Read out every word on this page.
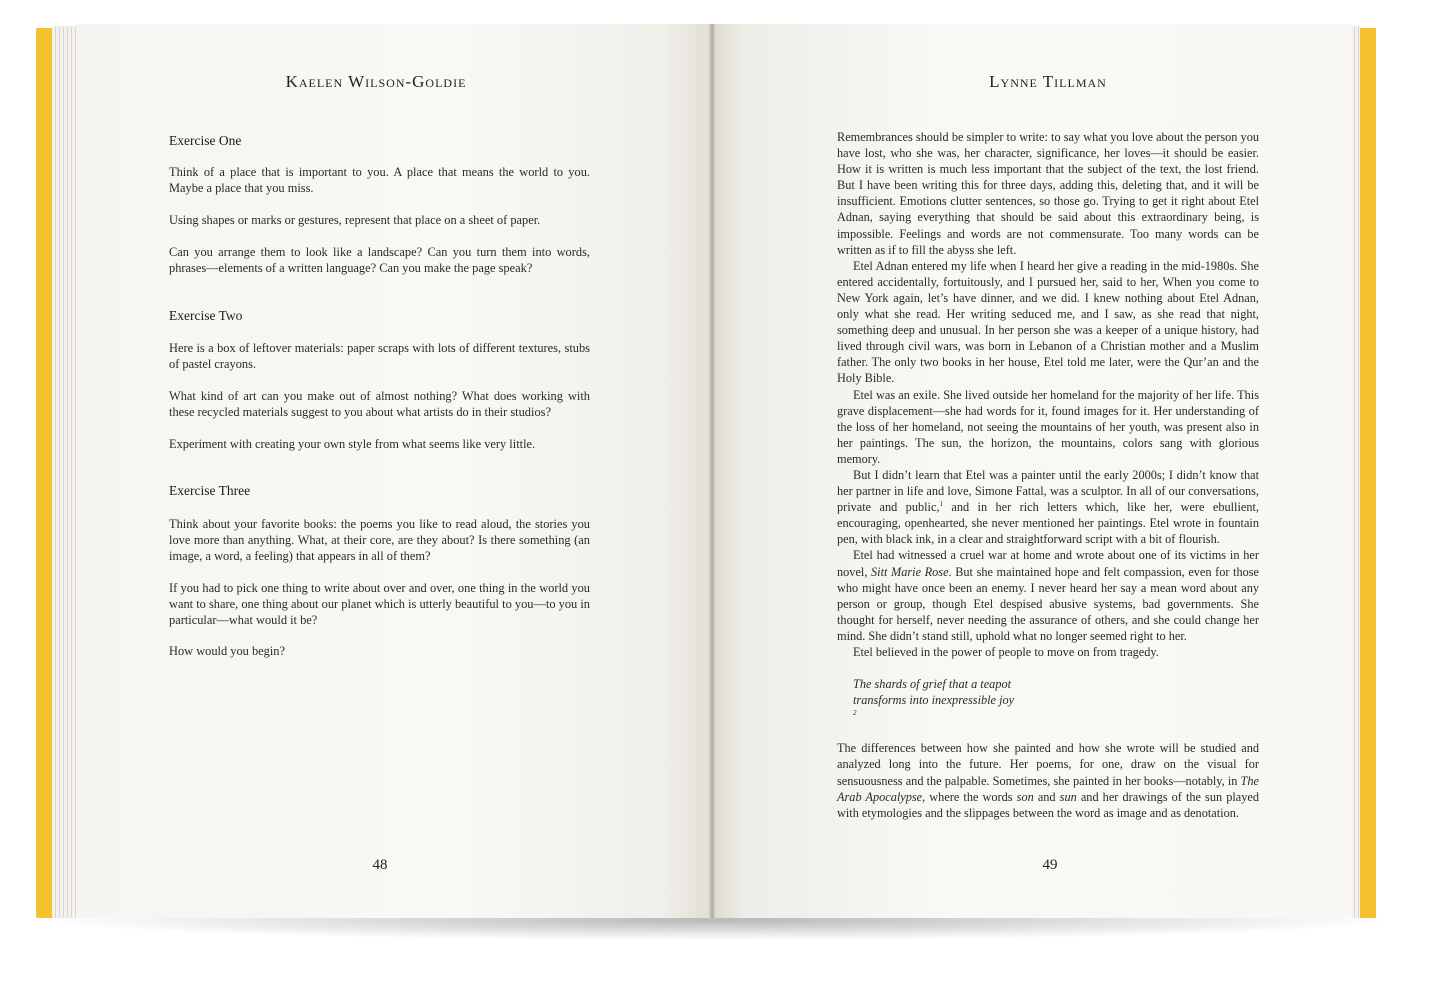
Kaelen Wilson-Goldie
Exercise One

Think of a place that is important to you. A place that means the world to you. Maybe a place that you miss.

Using shapes or marks or gestures, represent that place on a sheet of paper.

Can you arrange them to look like a landscape? Can you turn them into words, phrases—elements of a written language? Can you make the page speak?

Exercise Two

Here is a box of leftover materials: paper scraps with lots of different textures, stubs of pastel crayons.

What kind of art can you make out of almost nothing? What does working with these recycled materials suggest to you about what artists do in their studios?

Experiment with creating your own style from what seems like very little.

Exercise Three

Think about your favorite books: the poems you like to read aloud, the stories you love more than anything. What, at their core, are they about? Is there something (an image, a word, a feeling) that appears in all of them?

If you had to pick one thing to write about over and over, one thing in the world you want to share, one thing about our planet which is utterly beautiful to you—to you in particular—what would it be?

How would you begin?

48
Lynne Tillman

Remembrances should be simpler to write: to say what you love about the person you have lost, who she was, her character, significance, her loves—it should be easier. How it is written is much less important that the subject of the text, the lost friend. But I have been writing this for three days, adding this, deleting that, and it will be insufficient. Emotions clutter sentences, so those go. Trying to get it right about Etel Adnan, saying everything that should be said about this extraordinary being, is impossible. Feelings and words are not commensurate. Too many words can be written as if to fill the abyss she left.

Etel Adnan entered my life when I heard her give a reading in the mid-1980s. She entered accidentally, fortuitously, and I pursued her, said to her, When you come to New York again, let’s have dinner, and we did. I knew nothing about Etel Adnan, only what she read. Her writing seduced me, and I saw, as she read that night, something deep and unusual. In her person she was a keeper of a unique history, had lived through civil wars, was born in Lebanon of a Christian mother and a Muslim father. The only two books in her house, Etel told me later, were the Qur’an and the Holy Bible.

Etel was an exile. She lived outside her homeland for the majority of her life. This grave displacement—she had words for it, found images for it. Her understanding of the loss of her homeland, not seeing the mountains of her youth, was present also in her paintings. The sun, the horizon, the mountains, colors sang with glorious memory.

But I didn’t learn that Etel was a painter until the early 2000s; I didn’t know that her partner in life and love, Simone Fattal, was a sculptor. In all of our conversations, private and public,$^1$ and in her rich letters which, like her, were ebullient, encouraging, openhearted, she never mentioned her paintings. Etel wrote in fountain pen, with black ink, in a clear and straightforward script with a bit of flourish.

Etel had witnessed a cruel war at home and wrote about one of its victims in her novel, Sitt Marie Rose. But she maintained hope and felt compassion, even for those who might have once been an enemy. I never heard her say a mean word about any person or group, though Etel despised abusive systems, bad governments. She thought for herself, never needing the assurance of others, and she could change her mind. She didn’t stand still, uphold what no longer seemed right to her.

Etel believed in the power of people to move on from tragedy.

The shards of grief that a teapot
transforms into inexpressible joy
$^2$

The differences between how she painted and how she wrote will be studied and analyzed long into the future. Her poems, for one, draw on the visual for sensuousness and the palpable. Sometimes, she painted in her books—notably, in The Arab Apocalypse, where the words son and sun and her drawings of the sun played with etymologies and the slippages between the word as image and as denotation.

49
